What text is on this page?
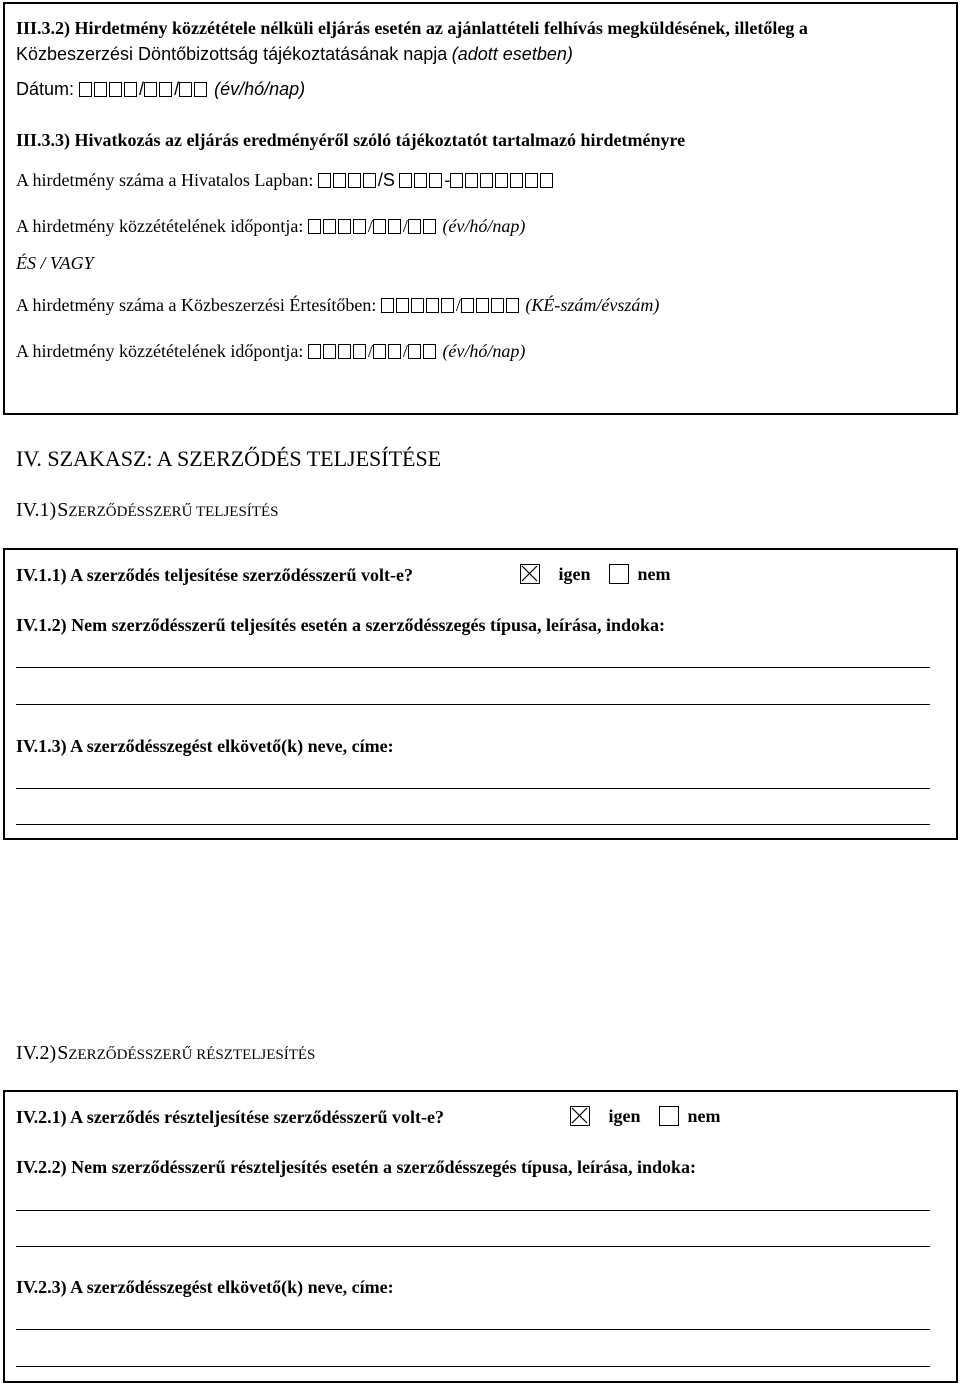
III.3.2) Hirdetmény közzététele nélküli eljárás esetén az ajánlattételi felhívás megküldésének, illetőleg a
Közbeszerzési Döntőbizottság tájékoztatásának napja (adott esetben)
Dátum:	/ / (év/hó/nap)
III.3.3) Hivatkozás az eljárás eredményéről szóló tájékoztatót tartalmazó hirdetményre
A hirdetmény száma a Hivatalos Lapban:	/S	-
A hirdetmény közzétételének időpontja:	/ / (év/hó/nap)
ÉS / VAGY
A hirdetmény száma a Közbeszerzési Értesítőben:	/	(KÉ-szám/évszám)
A hirdetmény közzétételének időpontja:	/ / (év/hó/nap)
IV. SZAKASZ: A SZERZŐDÉS TELJESÍTÉSE
IV.1) SZERZŐDÉSSZERŰ TELJESÍTÉS
IV.1.1) A szerződés teljesítése szerződésszerű volt-e?	igen	nem
IV.1.2) Nem szerződésszerű teljesítés esetén a szerződésszegés típusa, leírása, indoka:
IV.1.3) A szerződésszegést elkövető(k) neve, címe:
IV.2) SZERZŐDÉSSZERŰ RÉSZTELJESÍTÉS
IV.2.1) A szerződés részteljesítése szerződésszerű volt-e?	igen	nem
IV.2.2) Nem szerződésszerű részteljesítés esetén a szerződésszegés típusa, leírása, indoka:
IV.2.3) A szerződésszegést elkövető(k) neve, címe:
